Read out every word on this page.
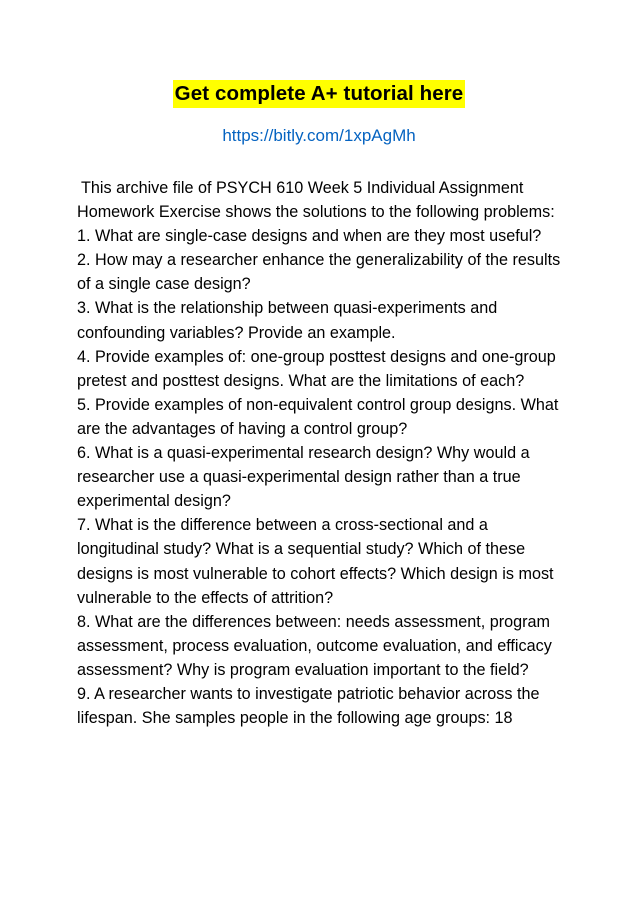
Get complete A+ tutorial here
https://bitly.com/1xpAgMh

This archive file of PSYCH 610 Week 5 Individual Assignment Homework Exercise shows the solutions to the following problems: 1. What are single-case designs and when are they most useful?

2. How may a researcher enhance the generalizability of the results of a single case design?

3. What is the relationship between quasi-experiments and confounding variables? Provide an example.

4. Provide examples of: one-group posttest designs and one-group pretest and posttest designs. What are the limitations of each?

5. Provide examples of non-equivalent control group designs. What are the advantages of having a control group?

6. What is a quasi-experimental research design? Why would a researcher use a quasi-experimental design rather than a true experimental design?

7. What is the difference between a cross-sectional and a longitudinal study? What is a sequential study? Which of these designs is most vulnerable to cohort effects? Which design is most vulnerable to the effects of attrition?

8. What are the differences between: needs assessment, program assessment, process evaluation, outcome evaluation, and efficacy assessment? Why is program evaluation important to the field?

9. A researcher wants to investigate patriotic behavior across the lifespan. She samples people in the following age groups: 18
